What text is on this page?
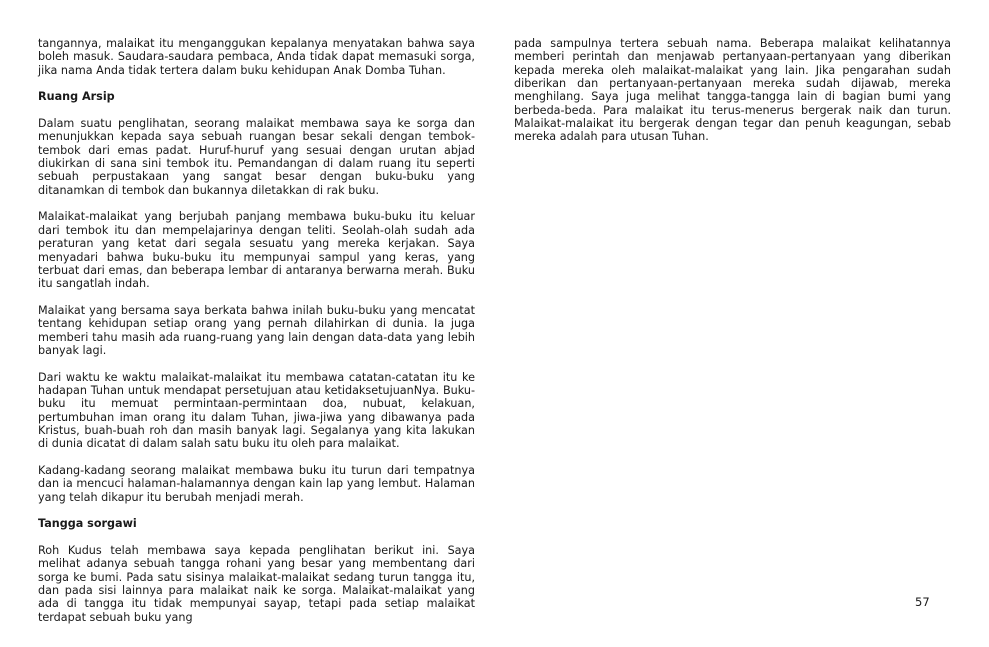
tangannya, malaikat itu menganggukan kepalanya menyatakan bahwa saya boleh masuk. Saudara-saudara pembaca, Anda tidak dapat memasuki sorga, jika nama Anda tidak tertera dalam buku kehidupan Anak Domba Tuhan.

Ruang Arsip

Dalam suatu penglihatan, seorang malaikat membawa saya ke sorga dan menunjukkan kepada saya sebuah ruangan besar sekali dengan tembok-tembok dari emas padat. Huruf-huruf yang sesuai dengan urutan abjad diukirkan di sana sini tembok itu. Pemandangan di dalam ruang itu seperti sebuah perpustakaan yang sangat besar dengan buku-buku yang ditanamkan di tembok dan bukannya diletakkan di rak buku.

Malaikat-malaikat yang berjubah panjang membawa buku-buku itu keluar dari tembok itu dan mempelajarinya dengan teliti. Seolah-olah sudah ada peraturan yang ketat dari segala sesuatu yang mereka kerjakan. Saya menyadari bahwa buku-buku itu mempunyai sampul yang keras, yang terbuat dari emas, dan beberapa lembar di antaranya berwarna merah. Buku itu sangatlah indah.

Malaikat yang bersama saya berkata bahwa inilah buku-buku yang mencatat tentang kehidupan setiap orang yang pernah dilahirkan di dunia. Ia juga memberi tahu masih ada ruang-ruang yang lain dengan data-data yang lebih banyak lagi.

Dari waktu ke waktu malaikat-malaikat itu membawa catatan-catatan itu ke hadapan Tuhan untuk mendapat persetujuan atau ketidaksetujuanNya. Buku-buku itu memuat permintaan-permintaan doa, nubuat, kelakuan, pertumbuhan iman orang itu dalam Tuhan, jiwa-jiwa yang dibawanya pada Kristus, buah-buah roh dan masih banyak lagi. Segalanya yang kita lakukan di dunia dicatat di dalam salah satu buku itu oleh para malaikat.

Kadang-kadang seorang malaikat membawa buku itu turun dari tempatnya dan ia mencuci halaman-halamannya dengan kain lap yang lembut. Halaman yang telah dikapur itu berubah menjadi merah.

Tangga sorgawi

Roh Kudus telah membawa saya kepada penglihatan berikut ini. Saya melihat adanya sebuah tangga rohani yang besar yang membentang dari sorga ke bumi. Pada satu sisinya malaikat-malaikat sedang turun tangga itu, dan pada sisi lainnya para malaikat naik ke sorga. Malaikat-malaikat yang ada di tangga itu tidak mempunyai sayap, tetapi pada setiap malaikat terdapat sebuah buku yang

pada sampulnya tertera sebuah nama. Beberapa malaikat kelihatannya memberi perintah dan menjawab pertanyaan-pertanyaan yang diberikan kepada mereka oleh malaikat-malaikat yang lain. Jika pengarahan sudah diberikan dan pertanyaan-pertanyaan mereka sudah dijawab, mereka menghilang. Saya juga melihat tangga-tangga lain di bagian bumi yang berbeda-beda. Para malaikat itu terus-menerus bergerak naik dan turun. Malaikat-malaikat itu bergerak dengan tegar dan penuh keagungan, sebab mereka adalah para utusan Tuhan.

57
